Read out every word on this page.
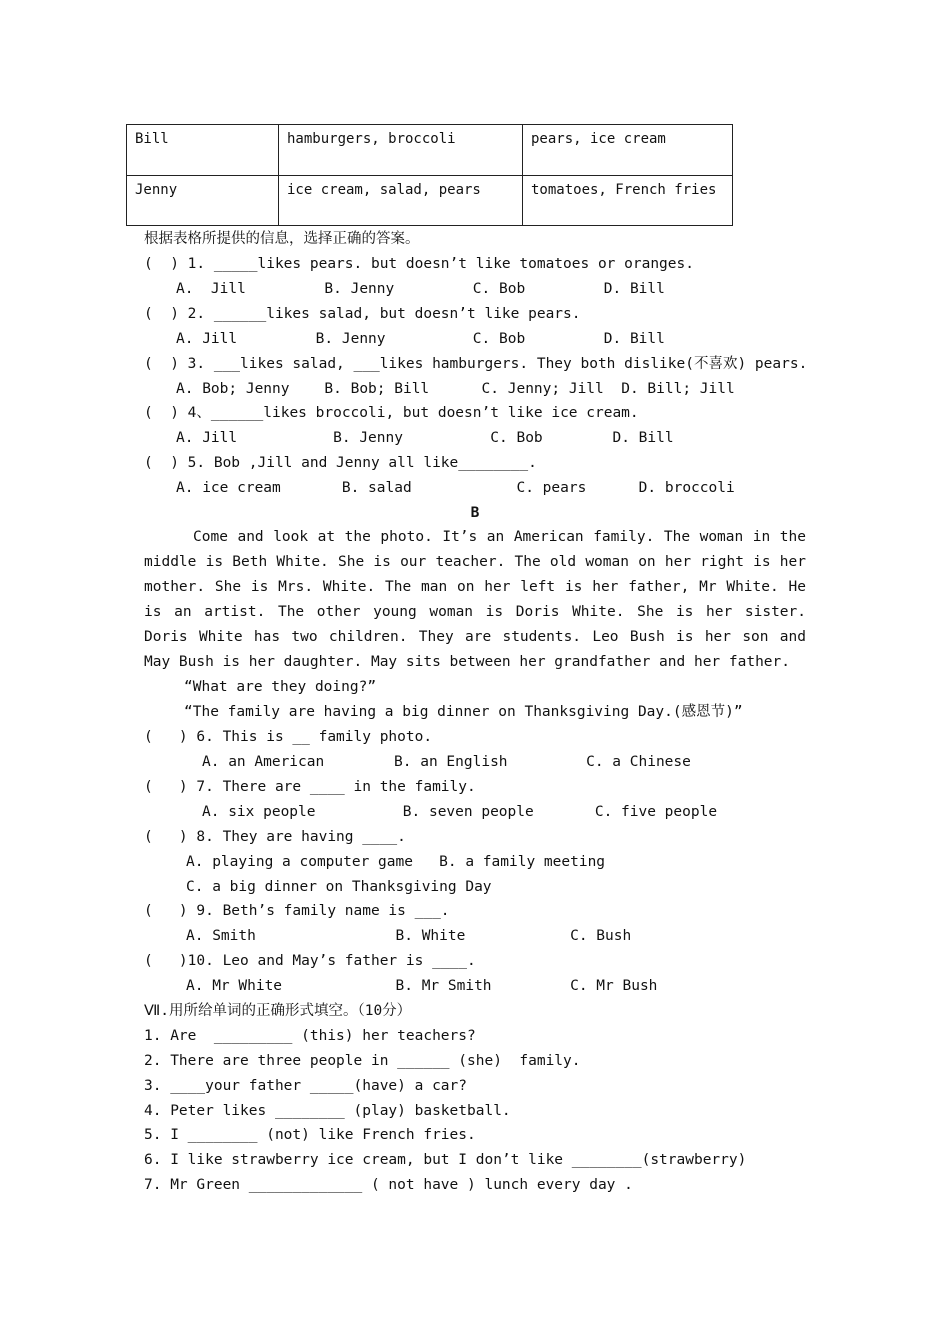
Bill	hamburgers, broccoli	pears, ice cream
Jenny	ice cream, salad, pears	tomatoes, French fries
根据表格所提供的信息，选择正确的答案。
(  ) 1. _____likes pears. but doesn’t like tomatoes or oranges.
A.  Jill         B. Jenny         C. Bob         D. Bill
(  ) 2. ______likes salad, but doesn’t like pears.
A. Jill         B. Jenny          C. Bob         D. Bill
(  ) 3. ___likes salad, ___likes hamburgers. They both dislike(不喜欢) pears.
A. Bob; Jenny    B. Bob; Bill      C. Jenny; Jill  D. Bill; Jill
(  ) 4、______likes broccoli, but doesn’t like ice cream.
A. Jill           B. Jenny          C. Bob        D. Bill
(  ) 5. Bob ,Jill and Jenny all like________.
A. ice cream       B. salad            C. pears      D. broccoli
B
Come and look at the photo. It’s an American family. The woman in the middle is Beth White. She is our teacher. The old woman on her right is her mother. She is Mrs. White. The man on her left is her father, Mr White. He is an artist. The other young woman is Doris White. She is her sister. Doris White has two children. They are students. Leo Bush is her son and May Bush is her daughter. May sits between her grandfather and her father.
“What are they doing?”
“The family are having a big dinner on Thanksgiving Day.(感恩节)”
(   ) 6. This is __ family photo.
A. an American        B. an English         C. a Chinese
(   ) 7. There are ____ in the family.
A. six people          B. seven people       C. five people
(   ) 8. They are having ____.
A. playing a computer game   B. a family meeting
C. a big dinner on Thanksgiving Day
(   ) 9. Beth’s family name is ___.
A. Smith                B. White            C. Bush
(   )10. Leo and May’s father is ____.
A. Mr White             B. Mr Smith         C. Mr Bush
Ⅶ.用所给单词的正确形式填空。（10分）
1. Are  _________ (this) her teachers?
2. There are three people in ______ (she)  family.
3. ____your father _____(have) a car?
4. Peter likes ________ (play) basketball.
5. I ________ (not) like French fries.
6. I like strawberry ice cream, but I don’t like ________(strawberry)
7. Mr Green _____________ ( not have ) lunch every day .
